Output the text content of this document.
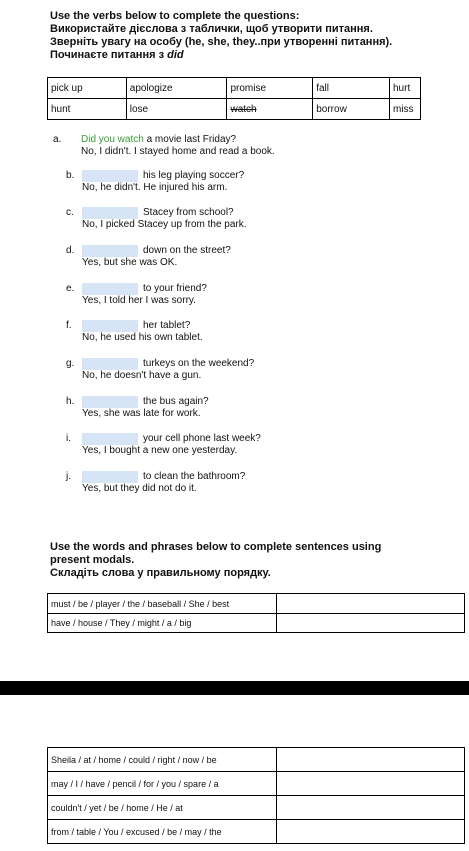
Use the verbs below to complete the questions:
Використайте дієслова з таблички, щоб утворити питання.
Зверніть увагу на особу (he, she, they..при утворенні питання).
Починаєте питання з did
pick up	apologize	promise	fall	hurt
hunt	lose	watch	borrow	miss
a. Did you watch a movie last Friday?
No, I didn't. I stayed home and read a book.
b.	his leg playing soccer?
No, he didn't. He injured his arm.
c.	Stacey from school?
No, I picked Stacey up from the park.
d.	down on the street?
Yes, but she was OK.
e.	to your friend?
Yes, I told her I was sorry.
f.	her tablet?
No, he used his own tablet.
g.	turkeys on the weekend?
No, he doesn't have a gun.
h.	the bus again?
Yes, she was late for work.
i.	your cell phone last week?
Yes, I bought a new one yesterday.
j.	to clean the bathroom?
Yes, but they did not do it.
Use the words and phrases below to complete sentences using
present modals.
Складіть слова у правильному порядку.
must / be / player / the / baseball / She / best	
have / house / They / might / a / big	
Sheila / at / home / could / right / now / be	
may / I / have / pencil / for / you / spare / a	
couldn't / yet / be / home / He / at	
from / table / You / excused / be / may / the	
